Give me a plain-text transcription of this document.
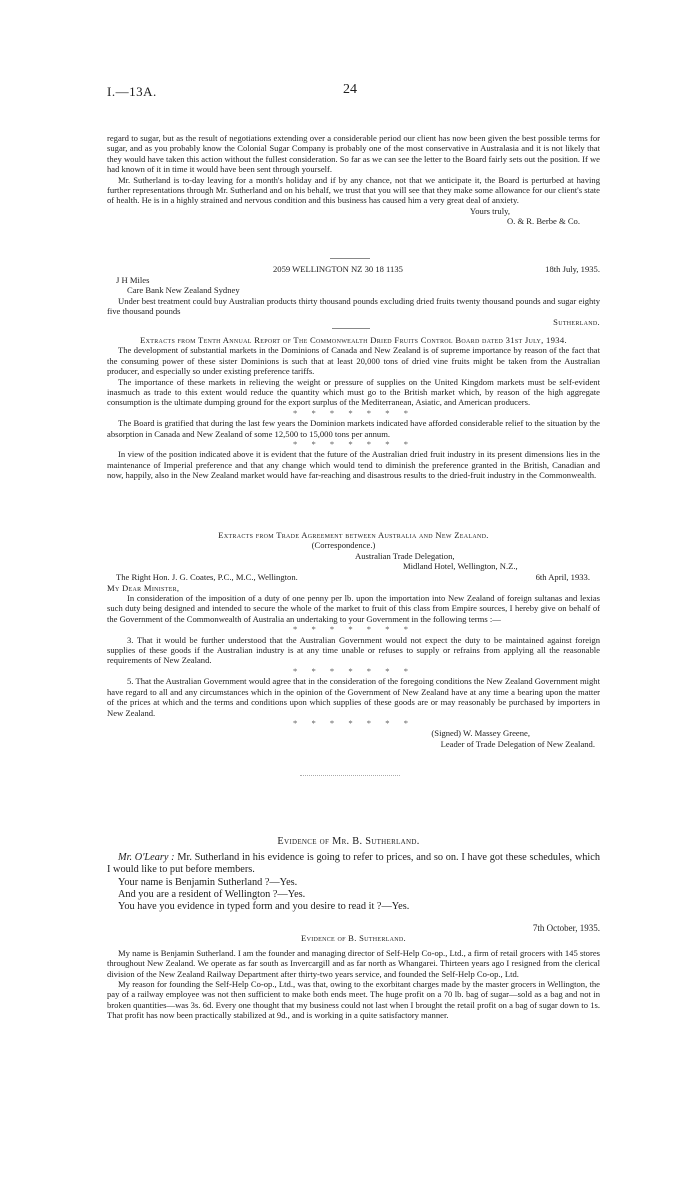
I.—13A.	24

regard to sugar, but as the result of negotiations extending over a considerable period our client has now been given the best possible terms for sugar, and as you probably know the Colonial Sugar Company is probably one of the most conservative in Australasia and it is not likely that they would have taken this action without the fullest consideration. So far as we can see the letter to the Board fairly sets out the position. If we had known of it in time it would have been sent through yourself.

Mr. Sutherland is to-day leaving for a month's holiday and if by any chance, not that we anticipate it, the Board is perturbed at having further representations through Mr. Sutherland and on his behalf, we trust that you will see that they make some allowance for our client's state of health. He is in a highly strained and nervous condition and this business has caused him a very great deal of anxiety.

Yours truly,

O. & R. Berbe & Co.

2059 WELLINGTON NZ 30 18 1135	18th July, 1935.

J H Miles

Care Bank New Zealand Sydney

Under best treatment could buy Australian products thirty thousand pounds excluding dried fruits twenty thousand pounds and sugar eighty five thousand pounds

Sutherland.

Extracts from Tenth Annual Report of The Commonwealth Dried Fruits Control Board dated 31st July, 1934.

The development of substantial markets in the Dominions of Canada and New Zealand is of supreme importance by reason of the fact that the consuming power of these sister Dominions is such that at least 20,000 tons of dried vine fruits might be taken from the Australian producer, and especially so under existing preference tariffs.

The importance of these markets in relieving the weight or pressure of supplies on the United Kingdom markets must be self-evident inasmuch as trade to this extent would reduce the quantity which must go to the British market which, by reason of the high aggregate consumption is the ultimate dumping ground for the export surplus of the Mediterranean, Asiatic, and American producers.

* * * * * * *

The Board is gratified that during the last few years the Dominion markets indicated have afforded considerable relief to the situation by the absorption in Canada and New Zealand of some 12,500 to 15,000 tons per annum.

* * * * * * *

In view of the position indicated above it is evident that the future of the Australian dried fruit industry in its present dimensions lies in the maintenance of Imperial preference and that any change which would tend to diminish the preference granted in the British, Canadian and now, happily, also in the New Zealand market would have far-reaching and disastrous results to the dried-fruit industry in the Commonwealth.

Extracts from Trade Agreement between Australia and New Zealand.

(Correspondence.)

Australian Trade Delegation,

Midland Hotel, Wellington, N.Z.,

The Right Hon. J. G. Coates, P.C., M.C., Wellington.	6th April, 1933.

My Dear Minister,

In consideration of the imposition of a duty of one penny per lb. upon the importation into New Zealand of foreign sultanas and lexias such duty being designed and intended to secure the whole of the market to fruit of this class from Empire sources, I hereby give on behalf of the Government of the Commonwealth of Australia an undertaking to your Government in the following terms :—

* * * * * * *

3. That it would be further understood that the Australian Government would not expect the duty to be maintained against foreign supplies of these goods if the Australian industry is at any time unable or refuses to supply or refrains from applying all the reasonable requirements of New Zealand.

* * * * * * *

5. That the Australian Government would agree that in the consideration of the foregoing conditions the New Zealand Government might have regard to all and any circumstances which in the opinion of the Government of New Zealand have at any time a bearing upon the matter of the prices at which and the terms and conditions upon which supplies of these goods are or may reasonably be purchased by importers in New Zealand.

* * * * * * *

(Signed) W. Massey Greene,

Leader of Trade Delegation of New Zealand.

Evidence of Mr. B. Sutherland.

Mr. O'Leary : Mr. Sutherland in his evidence is going to refer to prices, and so on. I have got these schedules, which I would like to put before members.

Your name is Benjamin Sutherland ?—Yes.

And you are a resident of Wellington ?—Yes.

You have you evidence in typed form and you desire to read it ?—Yes.

7th October, 1935.

Evidence of B. Sutherland.

My name is Benjamin Sutherland. I am the founder and managing director of Self-Help Co-op., Ltd., a firm of retail grocers with 145 stores throughout New Zealand. We operate as far south as Invercargill and as far north as Whangarei. Thirteen years ago I resigned from the clerical division of the New Zealand Railway Department after thirty-two years service, and founded the Self-Help Co-op., Ltd.

My reason for founding the Self-Help Co-op., Ltd., was that, owing to the exorbitant charges made by the master grocers in Wellington, the pay of a railway employee was not then sufficient to make both ends meet. The huge profit on a 70 lb. bag of sugar—sold as a bag and not in broken quantities—was 3s. 6d. Every one thought that my business could not last when I brought the retail profit on a bag of sugar down to 1s. That profit has now been practically stabilized at 9d., and is working in a quite satisfactory manner.
